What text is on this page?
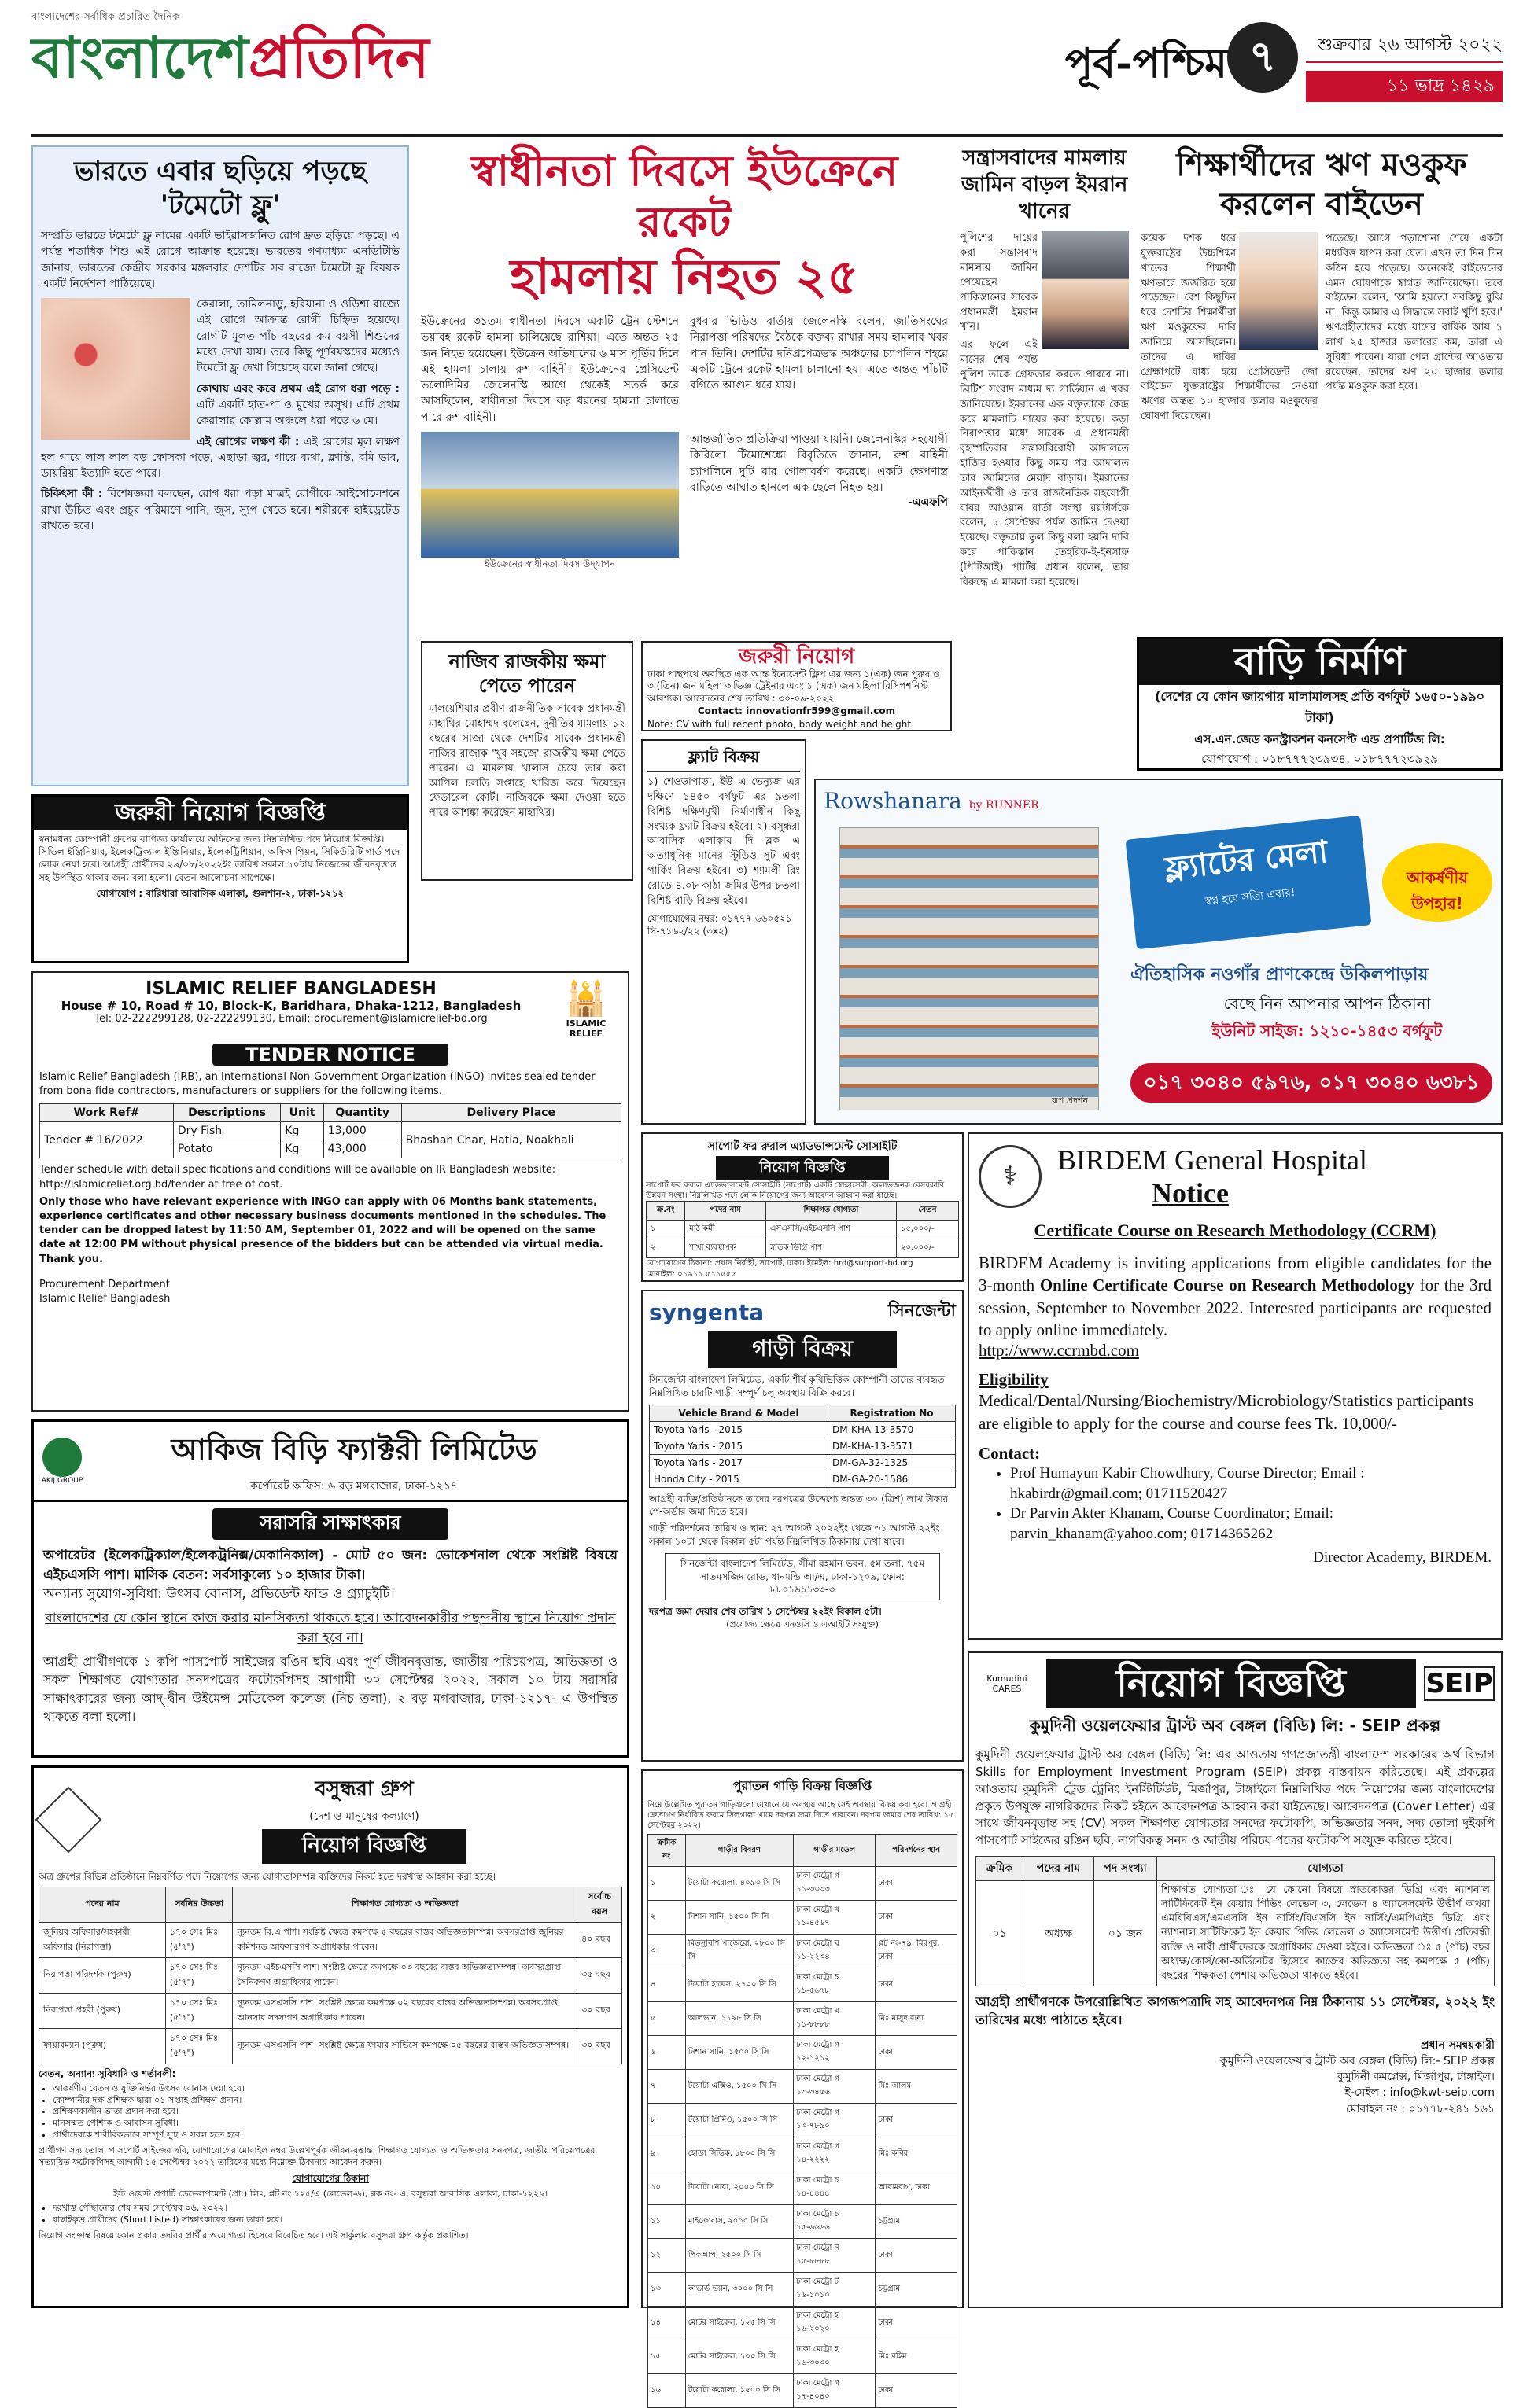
বাংলাদেশের সর্বাধিক প্রচারিত দৈনিক
বাংলাদেশপ্রতিদিন	পূর্ব-পশ্চিম ৭	শুক্রবার ২৬ আগস্ট ২০২২
১১ ভাদ্র ১৪২৯
ভারতে এবার ছড়িয়ে পড়ছে 'টমেটো ফ্লু'

সম্প্রতি ভারতে টমেটো ফ্লু নামের একটি ভাইরাসজনিত রোগ দ্রুত ছড়িয়ে পড়ছে। এ পর্যন্ত শতাধিক শিশু এই রোগে আক্রান্ত হয়েছে। ভারতের গণমাধ্যম এনডিটিভি জানায়, ভারতের কেন্দ্রীয় সরকার মঙ্গলবার দেশটির সব রাজ্যে টমেটো ফ্লু বিষয়ক একটি নির্দেশনা পাঠিয়েছে।

কেরালা, তামিলনাড়ু, হরিয়ানা ও ওড়িশা রাজ্যে এই রোগে আক্রান্ত রোগী চিহ্নিত হয়েছে। রোগটি মূলত পাঁচ বছরের কম বয়সী শিশুদের মধ্যে দেখা যায়। তবে কিছু পূর্ণবয়স্কদের মধ্যেও টমেটো ফ্লু দেখা গিয়েছে বলে জানা গেছে।

কোথায় এবং কবে প্রথম এই রোগ ধরা পড়ে : এটি একটি হাত-পা ও মুখের অসুখ। এটি প্রথম কেরালার কোল্লাম অঞ্চলে ধরা পড়ে ৬ মে।

এই রোগের লক্ষণ কী : এই রোগের মূল লক্ষণ হল গায়ে লাল লাল বড় ফোসকা পড়ে, এছাড়া জ্বর, গায়ে ব্যথা, ক্লান্তি, বমি ভাব, ডায়রিয়া ইত্যাদি হতে পারে।

চিকিৎসা কী : বিশেষজ্ঞরা বলছেন, রোগ ধরা পড়া মাত্রই রোগীকে আইসোলেশনে রাখা উচিত এবং প্রচুর পরিমাণে পানি, জুস, স্যুপ খেতে হবে। শরীরকে হাইড্রেটেড রাখতে হবে।

স্বাধীনতা দিবসে ইউক্রেনে রকেট
হামলায় নিহত ২৫

ইউক্রেনের ৩১তম স্বাধীনতা দিবসে একটি ট্রেন স্টেশনে ভয়াবহ রকেট হামলা চালিয়েছে রাশিয়া। এতে অন্তত ২৫ জন নিহত হয়েছেন। ইউক্রেন অভিযানের ৬ মাস পূর্তির দিনে এই হামলা চালায় রুশ বাহিনী। ইউক্রেনের প্রেসিডেন্ট ভলোদিমির জেলেনস্কি আগে থেকেই সতর্ক করে আসছিলেন, স্বাধীনতা দিবসে বড় ধরনের হামলা চালাতে পারে রুশ বাহিনী।

বুধবার ভিডিও বার্তায় জেলেনস্কি বলেন, জাতিসংঘের নিরাপত্তা পরিষদের বৈঠকে বক্তব্য রাখার সময় হামলার খবর পান তিনি। দেশটির দনিপ্রপেত্রভস্ক অঞ্চলের চ্যাপলিন শহরে একটি ট্রেনে রকেট হামলা চালানো হয়। এতে অন্তত পাঁচটি বগিতে আগুন ধরে যায়।

ইউক্রেনের স্বাধীনতা দিবস উদ্‌যাপন

আন্তর্জাতিক প্রতিক্রিয়া পাওয়া যায়নি। জেলেনস্কির সহযোগী কিরিলো টিমোশেঙ্কো বিবৃতিতে জানান, রুশ বাহিনী চ্যাপলিনে দুটি বার গোলাবর্ষণ করেছে। একটি ক্ষেপণাস্ত্র বাড়িতে আঘাত হানলে এক ছেলে নিহত হয়।

-এএফপি

সন্ত্রাসবাদের মামলায় জামিন বাড়ল ইমরান খানের

পুলিশের দায়ের করা সন্ত্রাসবাদ মামলায় জামিন পেয়েছেন পাকিস্তানের সাবেক প্রধানমন্ত্রী ইমরান খান।

এর ফলে এই মাসের শেষ পর্যন্ত পুলিশ তাকে গ্রেফতার করতে পারবে না। ব্রিটিশ সংবাদ মাধ্যম দ্য গার্ডিয়ান এ খবর জানিয়েছে। ইমরানের এক বক্তৃতাকে কেন্দ্র করে মামলাটি দায়ের করা হয়েছে। কড়া নিরাপত্তার মধ্যে সাবেক এ প্রধানমন্ত্রী বৃহস্পতিবার সন্ত্রাসবিরোধী আদালতে হাজির হওয়ার কিছু সময় পর আদালত তার জামিনের মেয়াদ বাড়ায়। ইমরানের আইনজীবী ও তার রাজনৈতিক সহযোগী বাবর আওয়ান বার্তা সংস্থা রয়টার্সকে বলেন, ১ সেপ্টেম্বর পর্যন্ত জামিন দেওয়া হয়েছে। বক্তৃতায় তুল কিছু বলা হয়নি দাবি করে পাকিস্তান তেহরিক-ই-ইনসাফ (পিটিআই) পার্টির প্রধান বলেন, তার বিরুদ্ধে এ মামলা করা হয়েছে।

শিক্ষার্থীদের ঋণ মওকুফ করলেন বাইডেন

কয়েক দশক ধরে যুক্তরাষ্ট্রের উচ্চশিক্ষা খাতের শিক্ষার্থী ঋণভারে জর্জরিত হয়ে পড়েছেন। বেশ কিছুদিন ধরে দেশটির শিক্ষার্থীরা ঋণ মওকুফের দাবি জানিয়ে আসছিলেন। তাদের এ দাবির প্রেক্ষাপটে বাধ্য হয়ে প্রেসিডেন্ট জো বাইডেন যুক্তরাষ্ট্রের শিক্ষার্থীদের নেওয়া ঋণের অন্তত ১০ হাজার ডলার মওকুফের ঘোষণা দিয়েছেন।

পড়েছে। আগে পড়াশোনা শেষে একটা মধ্যবিত্ত যাপন করা যেত। এখন তা দিন দিন কঠিন হয়ে পড়েছে। অনেকেই বাইডেনের এমন ঘোষণাকে স্বাগত জানিয়েছেন। তবে বাইডেন বলেন, 'আমি হয়তো সবকিছু বুঝি না। কিন্তু আমার এ সিদ্ধান্তে সবাই খুশি হবে।' ঋণগ্রহীতাদের মধ্যে যাদের বার্ষিক আয় ১ লাখ ২৫ হাজার ডলারের কম, তারা এ সুবিধা পাবেন। যারা পেল গ্রান্টের আওতায় রয়েছেন, তাদের ঋণ ২০ হাজার ডলার পর্যন্ত মওকুফ করা হবে।

নাজিব রাজকীয় ক্ষমা পেতে পারেন

মালয়েশিয়ার প্রবীণ রাজনীতিক সাবেক প্রধানমন্ত্রী মাহাথির মোহাম্মদ বলেছেন, দুর্নীতির মামলায় ১২ বছরের সাজা থেকে দেশটির সাবেক প্রধানমন্ত্রী নাজিব রাজাক 'খুব সহজে' রাজকীয় ক্ষমা পেতে পারেন। এ মামলায় খালাস চেয়ে তার করা আপিল চলতি সপ্তাহে খারিজ করে দিয়েছেন ফেডারেল কোর্ট। নাজিবকে ক্ষমা দেওয়া হতে পারে আশঙ্কা করেছেন মাহাথির।

জরুরী নিয়োগ

ঢাকা পান্থপথে অবস্থিত এক আন্ত ইনোসেন্ট ফ্লিপ এর জন্য ১(এক) জন পুরুষ ও ৩ (তিন) জন মহিলা অভিজ্ঞ ট্রেইনার এবং ১ (এক) জন মহিলা রিসিপশনিস্ট আবশ্যক। আবেদনের শেষ তারিখ : ৩০-০৯-২০২২

Contact: innovationfr599@gmail.com

Note: CV with full recent photo, body weight and height

বাড়ি নির্মাণ
(দেশের যে কোন জায়গায় মালামালসহ প্রতি বর্গফুট ১৬৫০-১৯৯০ টাকা)
এস.এন.জেড কনস্ট্রাকশন কনসেপ্ট এন্ড প্রপার্টিজ লি:
যোগাযোগ : ০১৮৭৭৭২৩৯৩৪, ০১৮৭৭৭২৩৯২৯
জরুরী নিয়োগ বিজ্ঞপ্তি

স্বনামধন্য কোম্পানী গ্রুপের বাণিজ্য কার্যালয়ে অফিসের জন্য নিম্নলিখিত পদে নিয়োগ বিজ্ঞপ্তি। সিভিল ইঞ্জিনিয়ার, ইলেকট্রিক্যাল ইঞ্জিনিয়ার, ইলেকট্রিশিয়ান, অফিস পিয়ন, সিকিউরিটি গার্ড পদে লোক নেয়া হবে। আগ্রহী প্রার্থীদের ২৯/০৮/২০২২ইং তারিখ সকাল ১০টায় নিজেদের জীবনবৃত্তান্ত সহ উপস্থিত থাকার জন্য বলা হলো। বেতন আলোচনা সাপেক্ষে।

যোগাযোগ : বারিধারা আবাসিক এলাকা, গুলশান-২, ঢাকা-১২১২

ফ্ল্যাট বিক্রয়

১) শেওড়াপাড়া, ইউ এ ভেন্যুজ এর দক্ষিণে ১৪৫০ বর্গফুট এর ৯তলা বিশিষ্ট দক্ষিণমুখী নির্মাণাধীন কিছু সংখ্যক ফ্ল্যাট বিক্রয় হইবে। ২) বসুন্ধরা আবাসিক এলাকায় দি ব্লক এ অত্যাধুনিক মানের স্টুডিও সুট এবং পার্কিং বিক্রয় হইবে। ৩) শ্যামলী রিং রোডে ৪.০৮ কাঠা জমির উপর ৮তলা বিশিষ্ট বাড়ি বিক্রয় হইবে।

যোগাযোগের নম্বর: ০১৭৭৭-৬৬০৫২১

সি-৭১৬২/২২ (৩x২)

Rowshanara by RUNNER
রূপ প্রদর্শন
ফ্ল্যাটের মেলা
স্বপ্ন হবে সত্যি এবার!
আকর্ষণীয় উপহার!
ঐতিহাসিক নওগাঁর প্রাণকেন্দ্রে উকিলপাড়ায়
বেছে নিন আপনার আপন ঠিকানা
ইউনিট সাইজ: ১২১০-১৪৫৩ বর্গফুট
০১৭ ৩০৪০ ৫৯৭৬, ০১৭ ৩০৪০ ৬৩৮১
ISLAMIC RELIEF BANGLADESH
House # 10, Road # 10, Block-K, Baridhara, Dhaka-1212, Bangladesh
Tel: 02-222299128, 02-222299130, Email: procurement@islamicrelief-bd.org
🕌
ISLAMIC RELIEF
TENDER NOTICE

Islamic Relief Bangladesh (IRB), an International Non-Government Organization (INGO) invites sealed tender from bona fide contractors, manufacturers or suppliers for the following items.

Work Ref#	Descriptions	Unit	Quantity	Delivery Place
Tender # 16/2022	Dry Fish	Kg	13,000	Bhashan Char, Hatia, Noakhali
	Potato	Kg	43,000	

Tender schedule with detail specifications and conditions will be available on IR Bangladesh website: http://islamicrelief.org.bd/tender at free of cost.

Only those who have relevant experience with INGO can apply with 06 Months bank statements, experience certificates and other necessary business documents mentioned in the schedules. The tender can be dropped latest by 11:50 AM, September 01, 2022 and will be opened on the same date at 12:00 PM without physical presence of the bidders but can be attended via virtual media. Thank you.

Procurement Department

Islamic Relief Bangladesh

সাপোর্ট ফর রুরাল এ্যাডভান্সমেন্ট সোসাইটি
নিয়োগ বিজ্ঞপ্তি

সাপোর্ট ফর রুরাল এ্যাডভান্সমেন্ট সোসাইটি (সাপোর্ট) একটি স্বেচ্ছাসেবী, অলাভজনক বেসরকারি উন্নয়ন সংস্থা। নিম্নলিখিত পদে লোক নিয়োগের জন্য আবেদন আহ্বান করা যাচ্ছে।

ক্র.নং	পদের নাম	শিক্ষাগত যোগ্যতা	বেতন
১	মাঠ কর্মী	এসএসসি/এইচএসসি পাশ	১৫,০০০/-
২	শাখা ব্যবস্থাপক	স্নাতক ডিগ্রি পাশ	২০,০০০/-

যোগাযোগের ঠিকানা: প্রধান নির্বাহী, সাপোর্ট, ঢাকা। ইমেইল: hrd@support-bd.org

মোবাইল: ০১৯১১ ৫১১৫৫৫

⚕
BIRDEM General Hospital
Notice
Certificate Course on Research Methodology (CCRM)

BIRDEM Academy is inviting applications from eligible candidates for the 3-month Online Certificate Course on Research Methodology for the 3rd session, September to November 2022. Interested participants are requested to apply online immediately.

http://www.ccrmbd.com
Eligibility

Medical/Dental/Nursing/Biochemistry/Microbiology/Statistics participants are eligible to apply for the course and course fees Tk. 10,000/-

Contact:
• Prof Humayun Kabir Chowdhury, Course Director; Email : hkabirdr@gmail.com; 01711520427
• Dr Parvin Akter Khanam, Course Coordinator; Email: parvin_khanam@yahoo.com; 01714365262
Director Academy, BIRDEM.
AKIJ GROUP
আকিজ বিড়ি ফ্যাক্টরী লিমিটেড
কর্পোরেট অফিস: ৬ বড় মগবাজার, ঢাকা-১২১৭
সরাসরি সাক্ষাৎকার

অপারেটর (ইলেকট্রিক্যাল/ইলেকট্রনিক্স/মেকানিক্যাল) - মোট ৫০ জন: ভোকেশনাল থেকে সংশ্লিষ্ট বিষয়ে এইচএসসি পাশ। মাসিক বেতন: সর্বসাকুল্যে ১০ হাজার টাকা।

অন্যান্য সুযোগ-সুবিধা: উৎসব বোনাস, প্রভিডেন্ট ফান্ড ও গ্র্যাচুইটি।

বাংলাদেশের যে কোন স্থানে কাজ করার মানসিকতা থাকতে হবে। আবেদনকারীর পছন্দনীয় স্থানে নিয়োগ প্রদান করা হবে না।

আগ্রহী প্রার্থীগণকে ১ কপি পাসপোর্ট সাইজের রঙিন ছবি এবং পূর্ণ জীবনবৃত্তান্ত, জাতীয় পরিচয়পত্র, অভিজ্ঞতা ও সকল শিক্ষাগত যোগ্যতার সনদপত্রের ফটোকপিসহ আগামী ৩০ সেপ্টেম্বর ২০২২, সকাল ১০ টায় সরাসরি সাক্ষাৎকারের জন্য আদ্-দ্বীন উইমেন্স মেডিকেল কলেজ (নিচ তলা), ২ বড় মগবাজার, ঢাকা-১২১৭- এ উপস্থিত থাকতে বলা হলো।

syngenta	সিনজেন্টা
গাড়ী বিক্রয়

সিনজেন্টা বাংলাদেশ লিমিটেড, একটি শীর্ষ কৃষিভিত্তিক কোম্পানী তাদের ব্যবহৃত নিম্নলিখিত চারটি গাড়ী সম্পূর্ণ চলু অবস্থায় বিক্রি করবে।

Vehicle Brand & Model	Registration No
Toyota Yaris - 2015	DM-KHA-13-3570
Toyota Yaris - 2015	DM-KHA-13-3571
Toyota Yaris - 2017	DM-GA-32-1325
Honda City - 2015	DM-GA-20-1586

আগ্রহী ব্যক্তি/প্রতিষ্ঠানকে তাদের দরপত্রের উদ্দেশ্যে অন্তত ৩০ (ত্রিশ) লাখ টাকার পে-অর্ডার জমা দিতে হবে।

গাড়ী পরিদর্শনের তারিখ ও স্থান: ২৭ আগস্ট ২০২২ইং থেকে ৩১ আগস্ট ২২ইং সকাল ১০টা থেকে বিকাল ৫টা পর্যন্ত নিম্নলিখিত ঠিকানায় দেখা যাবে।

সিনজেন্টা বাংলাদেশ লিমিটেড, সীমা রহমান ভবন, ৫ম তলা, ৭৫ম সাতমসজিদ রোড, ধানমন্ডি আ/এ, ঢাকা-১২০৯, ফোন: ৮৮০১৯১১৩৩-৩

দরপত্র জমা দেয়ার শেষ তারিখ ১ সেপ্টেম্বর ২২ইং বিকাল ৫টা।

(প্রযোজ্য ক্ষেত্রে এনওসি ও এআইটি সংযুক্ত)

বসুন্ধরা গ্রুপ
(দেশ ও মানুষের কল্যাণে)
নিয়োগ বিজ্ঞপ্তি

অত্র গ্রুপের বিভিন্ন প্রতিষ্ঠানে নিম্নবর্ণিত পদে নিয়োগের জন্য যোগ্যতাসম্পন্ন ব্যক্তিদের নিকট হতে দরখাস্ত আহ্বান করা হচ্ছে।

পদের নাম	সর্বনিম্ন উচ্চতা	শিক্ষাগত যোগ্যতা ও অভিজ্ঞতা	সর্বোচ্চ বয়স
জুনিয়র অফিসার/সহকারী অফিসার (নিরাপত্তা)	১৭০ সেঃ মিঃ (৫'৭")	ন্যূনতম বি.এ পাশ। সংশ্লিষ্ট ক্ষেত্রে কমপক্ষে ৫ বছরের বাস্তব অভিজ্ঞতাসম্পন্ন। অবসরপ্রাপ্ত জুনিয়র কমিশনড অফিসারগণ অগ্রাধিকার পাবেন।	৪০ বছর
নিরাপত্তা পরিদর্শক (পুরুষ)	১৭০ সেঃ মিঃ (৫'৭")	ন্যূনতম এইচএসসি পাশ। সংশ্লিষ্ট ক্ষেত্রে কমপক্ষে ০৩ বছরের বাস্তব অভিজ্ঞতাসম্পন্ন। অবসরপ্রাপ্ত সৈনিকগণ অগ্রাধিকার পাবেন।	৩৫ বছর
নিরাপত্তা প্রহরী (পুরুষ)	১৭০ সেঃ মিঃ (৫'৭")	ন্যূনতম এসএসসি পাশ। সংশ্লিষ্ট ক্ষেত্রে কমপক্ষে ০২ বছরের বাস্তব অভিজ্ঞতাসম্পন্ন। অবসরপ্রাপ্ত আনসার সদস্যগণ অগ্রাধিকার পাবেন।	৩০ বছর
ফায়ারম্যান (পুরুষ)	১৭০ সেঃ মিঃ (৫'৭")	ন্যূনতম এসএসসি পাশ। সংশ্লিষ্ট ক্ষেত্রে ফায়ার সার্ভিসে কমপক্ষে ০৫ বছরের বাস্তব অভিজ্ঞতাসম্পন্ন।	৩০ বছর
বেতন, অন্যান্য সুবিধাদি ও শর্তাবলী:
• আকর্ষণীয় বেতন ও যুক্তিনির্ভর উৎসব বোনাস দেয়া হবে।
• কোম্পানীর দক্ষ প্রশিক্ষক দ্বারা ০১ সপ্তাহ প্রশিক্ষণ প্রদান।
• প্রশিক্ষণকালীন ভাতা প্রদান করা হবে।
• মানসম্মত পোশাক ও আবাসন সুবিধা।
• প্রার্থীদেরকে শারীরিকভাবে সম্পূর্ণ সুস্থ ও সবল হতে হবে।

প্রার্থীগণ সদ্য তোলা পাসপোর্ট সাইজের ছবি, যোগাযোগের মোবাইল নম্বর উল্লেখপূর্বক জীবন-বৃত্তান্ত, শিক্ষাগত যোগ্যতা ও অভিজ্ঞতার সনদপত্র, জাতীয় পরিচয়পত্রের সত্যায়িত ফটোকপিসহ আগামী ১৫ সেপ্টেম্বর ২০২২ তারিখের মধ্যে নিম্নোক্ত ঠিকানায় আবেদন করুন।

যোগাযোগের ঠিকানা

ইস্ট ওয়েস্ট প্রপার্টি ডেভেলপমেন্ট (প্রা:) লিঃ, প্লট নং ১২৫/এ (লেভেল-৬), ব্লক নং- এ, বসুন্ধরা আবাসিক এলাকা, ঢাকা-১২২৯।

• দরখাস্ত পৌঁছানোর শেষ সময় সেপ্টেম্বর ০৬, ২০২২।
• বাছাইকৃত প্রার্থীদের (Short Listed) সাক্ষাৎকারের জন্য ডাকা হবে।

নিয়োগ সংক্রান্ত বিষয়ে কোন প্রকার তদবির প্রার্থীর অযোগ্যতা হিসেবে বিবেচিত হবে। এই সার্কুলার বসুন্ধরা গ্রুপ কর্তৃক প্রকাশিত।

পুরাতন গাড়ি বিক্রয় বিজ্ঞপ্তি

নিম্নে উল্লেখিত পুরাতন গাড়িগুলো যেখানে যে অবস্থায় আছে সেই অবস্থায় বিক্রয় করা হবে। আগ্রহী ক্রেতাগণ নির্ধারিত ফরমে সিলগালা খামে দরপত্র জমা দিতে পারবেন। দরপত্র জমার শেষ তারিখ: ১৫ সেপ্টেম্বর ২০২২।

ক্রমিক নং	গাড়ীর বিবরণ	গাড়ীর মডেল	পরিদর্শনের স্থান
১	টয়োটা করোলা, ৪০৯৩ সি সি	ঢাকা মেট্রো গ ১১-৩৩৩৩	ঢাকা
২	নিশান সানি, ১৫০০ সি সি	ঢাকা মেট্রো খ ১১-৪৫৬৭	ঢাকা
৩	মিতসুবিশি পাজেরো, ২৮০০ সি সি	ঢাকা মেট্রো ঘ ১১-২২৩৪	প্লট নং-৭৯, মিরপুর, ঢাকা
৪	টয়োটা হায়েস, ২৭০০ সি সি	ঢাকা মেট্রো চ ১১-৫৬৭৮	ঢাকা
৫	আলভান, ১১৯৮ সি সি	ঢাকা মেট্রো খ ১১-৮৮৮৮	মিঃ মাসুদ রানা
৬	নিশান সানি, ১৫০০ সি সি	ঢাকা মেট্রো গ ১২-১২১২	ঢাকা
৭	টয়োটা এক্সিও, ১৫০০ সি সি	ঢাকা মেট্রো গ ১৩-৩৪৫৬	মিঃ আলম
৮	টয়োটা প্রিমিও, ১৫০০ সি সি	ঢাকা মেট্রো গ ১৩-৭৮৯০	ঢাকা
৯	হোন্ডা সিভিক, ১৮০০ সি সি	ঢাকা মেট্রো গ ১৪-২২২২	মিঃ কবির
১০	টয়োটা নোয়া, ২০০০ সি সি	ঢাকা মেট্রো চ ১৪-৪৪৪৪	আরামবাগ, ঢাকা
১১	মাইক্রোবাস, ২০০০ সি সি	ঢাকা মেট্রো চ ১৫-৬৬৬৬	চট্টগ্রাম
১২	পিকআপ, ২৫০০ সি সি	ঢাকা মেট্রো ন ১৫-৮৮৮৮	ঢাকা
১৩	কাভার্ড ভ্যান, ৩০০০ সি সি	ঢাকা মেট্রো ট ১৬-১০১০	চট্টগ্রাম
১৪	মোটর সাইকেল, ১২৫ সি সি	ঢাকা মেট্রো হ ১৬-২০২০	ঢাকা
১৫	মোটর সাইকেল, ১০০ সি সি	ঢাকা মেট্রো হ ১৬-৩০৩০	মিঃ রহিম
১৬	টয়োটা করোলা, ১৫০০ সি সি	ঢাকা মেট্রো গ ১৭-৪০৪০	ঢাকা
Kumudini CARES	নিয়োগ বিজ্ঞপ্তি	SEIP
কুমুদিনী ওয়েলফেয়ার ট্রাস্ট অব বেঙ্গল (বিডি) লি: - SEIP প্রকল্প

কুমুদিনী ওয়েলফেয়ার ট্রাস্ট অব বেঙ্গল (বিডি) লি: এর আওতায় গণপ্রজাতন্ত্রী বাংলাদেশ সরকারের অর্থ বিভাগ Skills for Employment Investment Program (SEIP) প্রকল্প বাস্তবায়ন করিতেছে। এই প্রকল্পের আওতায় কুমুদিনী ট্রেড ট্রেনিং ইনস্টিটিউট, মির্জাপুর, টাঙ্গাইলে নিম্নলিখিত পদে নিয়োগের জন্য বাংলাদেশের প্রকৃত উপযুক্ত নাগরিকদের নিকট হইতে আবেদনপত্র আহ্বান করা যাইতেছে। আবেদনপত্র (Cover Letter) এর সাথে জীবনবৃত্তান্ত সহ (CV) সকল শিক্ষাগত যোগ্যতার সনদের ফটোকপি, অভিজ্ঞতার সনদ, সদ্য তোলা দুইকপি পাসপোর্ট সাইজের রঙিন ছবি, নাগরিকত্ব সনদ ও জাতীয় পরিচয় পত্রের ফটোকপি সংযুক্ত করিতে হইবে।

ক্রমিক	পদের নাম	পদ সংখ্যা	যোগ্যতা
০১	অধ্যক্ষ	০১ জন	শিক্ষাগত যোগ্যতা ঃ যে কোনো বিষয়ে স্নাতকোত্তর ডিগ্রি এবং ন্যাশনাল সার্টিফিকেট ইন কেয়ার গিভিং লেভেল ৩, লেভেল ৪ অ্যাসেসমেন্ট উত্তীর্ণ অথবা এমবিবিএস/এমএসসি ইন নার্সিং/বিএসসি ইন নার্সিং/এমপিএইচ ডিগ্রি এবং ন্যাশনাল সার্টিফিকেট ইন কেয়ার গিভিং লেভেল ৩ অ্যাসেসমেন্ট উত্তীর্ণ। প্রতিবন্ধী ব্যক্তি ও নারী প্রার্থীদেরকে অগ্রাধিকার দেওয়া হইবে। অভিজ্ঞতা ঃ ৫ (পাঁচ) বছর অধ্যক্ষ/কোর্স/কো-অর্ডিনেটর হিসেবে কাজের অভিজ্ঞতা সহ কমপক্ষে ৫ (পাঁচ) বছরের শিক্ষকতা পেশায় অভিজ্ঞতা থাকতে হইবে।

আগ্রহী প্রার্থীগণকে উপরোল্লিখিত কাগজপত্রাদি সহ আবেদনপত্র নিম্ন ঠিকানায় ১১ সেপ্টেম্বর, ২০২২ ইং তারিখের মধ্যে পাঠাতে হইবে।

প্রধান সমন্বয়কারী
কুমুদিনী ওয়েলফেয়ার ট্রাস্ট অব বেঙ্গল (বিডি) লি:- SEIP প্রকল্প
কুমুদিনী কমপ্লেক্স, মির্জাপুর, টাঙ্গাইল।
ই-মেইল : info@kwt-seip.com
মোবাইল নং : ০১৭৭৮-২৪১ ১৬১
